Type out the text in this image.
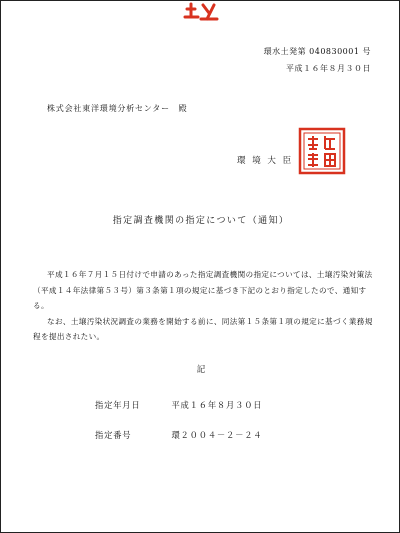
環水土発第 040830001 号
平成１６年８月３０日
株式会社東洋環境分析センター　殿
環 境 大 臣
指定調査機関の指定について（通知）

平成１６年７月１５日付けで申請のあった指定調査機関の指定については、土壌汚染対策法（平成１４年法律第５３号）第３条第１項の規定に基づき下記のとおり指定したので、通知する。

なお、土壌汚染状況調査の業務を開始する前に、同法第１５条第１項の規定に基づく業務規程を提出されたい。

記
指定年月日	平成１６年８月３０日
指定番号	環２００４－２－２４
